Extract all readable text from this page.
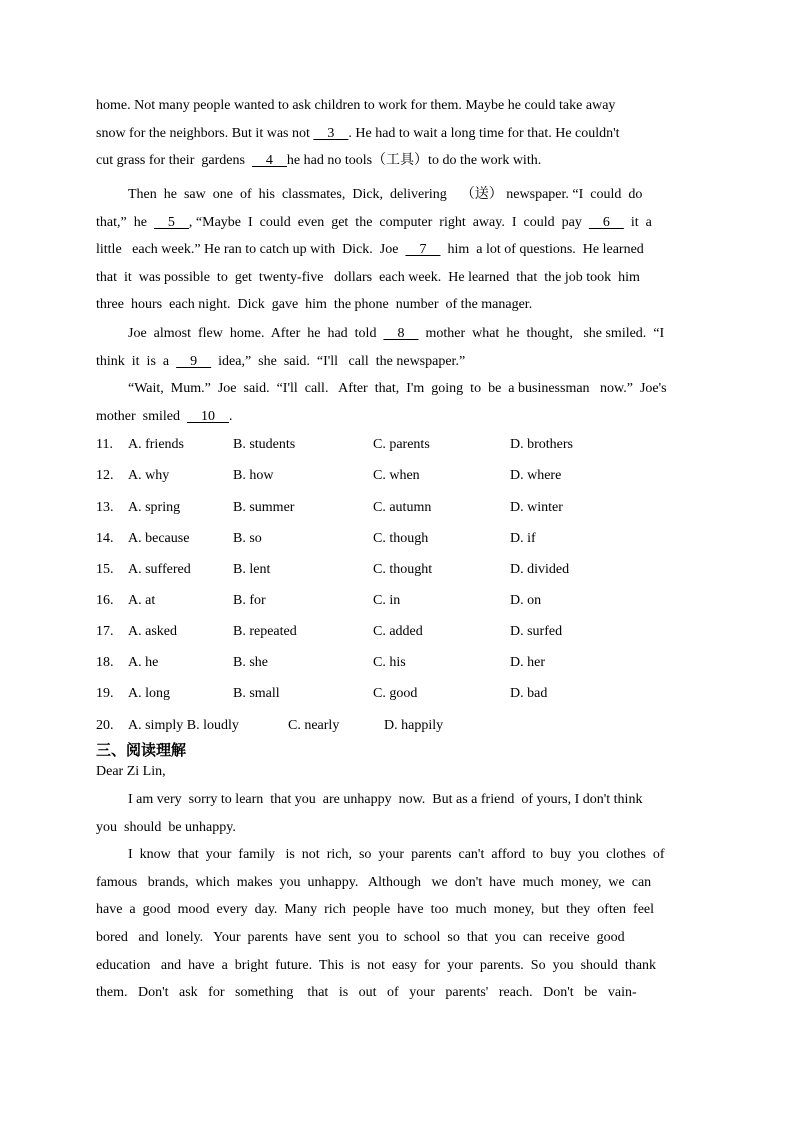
home. Not many people wanted to ask children to work for them. Maybe he could take away
snow for the neighbors. But it was not     3    . He had to wait a long time for that. He couldn't
cut grass for their  gardens      4    he had no tools（工具）to do the work with.
Then  he  saw  one  of  his  classmates,  Dick,  delivering    （送） newspaper. “I  could  do
that,”  he      5    , “Maybe  I  could  even  get  the  computer  right  away.  I  could  pay      6      it  a
little   each week.” He ran to catch up with  Dick.  Joe      7      him  a lot of questions.  He learned
that  it  was possible  to  get  twenty-five   dollars  each week.  He learned  that  the job took  him
three  hours  each night.  Dick  gave  him  the phone  number  of the manager.
Joe  almost  flew  home.  After  he  had  told      8      mother  what  he  thought,   she smiled.  “I
think  it  is  a      9      idea,”  she  said.  “I'll   call  the newspaper.”
“Wait,  Mum.”  Joe  said.  “I'll  call.   After  that,  I'm  going  to  be  a businessman   now.”  Joe's
mother  smiled      10    .
11. A. friends	B. students	C. parents	D. brothers
12. A. why	B. how	C. when	D. where
13. A. spring	B. summer	C. autumn	D. winter
14. A. because	B. so	C. though	D. if
15. A. suffered	B. lent	C. thought	D. divided
16. A. at	B. for	C. in	D. on
17. A. asked	B. repeated	C. added	D. surfed
18. A. he	B. she	C. his	D. her
19. A. long	B. small	C. good	D. bad
20. A. simply B. loudly	C. nearly	D. happily
三、阅读理解
Dear Zi Lin,
I am very  sorry to learn  that you  are unhappy  now.  But as a friend  of yours, I don't think
you  should  be unhappy.
I  know  that  your  family   is  not  rich,  so  your  parents  can't  afford  to  buy  you  clothes  of
famous   brands,  which  makes  you  unhappy.   Although   we  don't  have  much  money,  we  can
have  a  good  mood  every  day.  Many  rich  people  have  too  much  money,  but  they  often  feel
bored   and  lonely.   Your  parents  have  sent  you  to  school  so  that  you  can  receive  good
education   and  have  a  bright  future.  This  is  not  easy  for  your  parents.  So  you  should  thank
them.   Don't   ask   for   something    that   is   out   of   your   parents'   reach.   Don't   be   vain-
